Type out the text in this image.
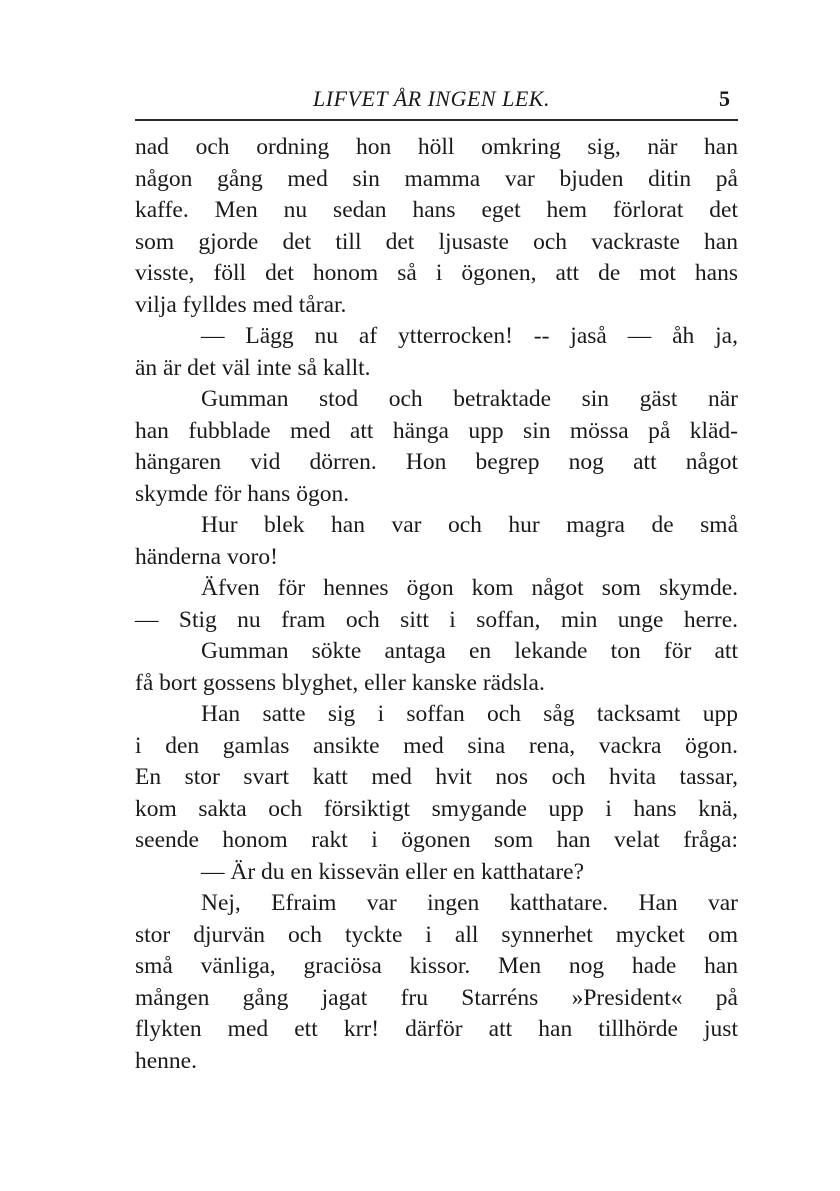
LIFVET ÅR INGEN LEK.	5
nad och ordning hon höll omkring sig, när han
någon gång med sin mamma var bjuden ditin på
kaffe. Men nu sedan hans eget hem förlorat det
som gjorde det till det ljusaste och vackraste han
visste, föll det honom så i ögonen, att de mot hans
vilja fylldes med tårar.
— Lägg nu af ytterrocken! -- jaså — åh ja,
än är det väl inte så kallt.
Gumman stod och betraktade sin gäst när
han fubblade med att hänga upp sin mössa på kläd-
hängaren vid dörren. Hon begrep nog att något
skymde för hans ögon.
Hur blek han var och hur magra de små
händerna voro!
Äfven för hennes ögon kom något som skymde.
— Stig nu fram och sitt i soffan, min unge herre.
Gumman sökte antaga en lekande ton för att
få bort gossens blyghet, eller kanske rädsla.
Han satte sig i soffan och såg tacksamt upp
i den gamlas ansikte med sina rena, vackra ögon.
En stor svart katt med hvit nos och hvita tassar,
kom sakta och försiktigt smygande upp i hans knä,
seende honom rakt i ögonen som han velat fråga:
— Är du en kissevän eller en katthatare?
Nej, Efraim var ingen katthatare. Han var
stor djurvän och tyckte i all synnerhet mycket om
små vänliga, graciösa kissor. Men nog hade han
mången gång jagat fru Starréns »President« på
flykten med ett krr! därför att han tillhörde just
henne.
